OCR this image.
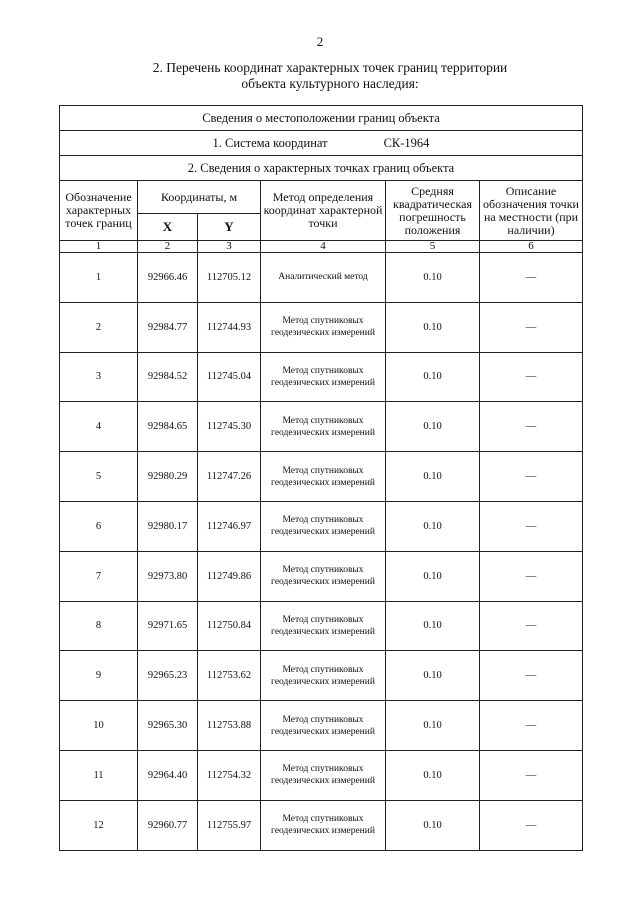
2
2. Перечень координат характерных точек границ территории
объекта культурного наследия:
Сведения о местоположении границ объекта					
1. Система координат СК-1964					
2. Сведения о характерных точках границ объекта					
Обозначение характерных точек границ	Координаты, м		Метод определения координат характерной точки	Средняя квадратическая погрешность положения	Описание обозначения точки на местности (при наличии)
	X	Y			
1	2	3	4	5	6
1	92966.46	112705.12	Аналитический метод	0.10	—
2	92984.77	112744.93	Метод спутниковых геодезических измерений	0.10	—
3	92984.52	112745.04	Метод спутниковых геодезических измерений	0.10	—
4	92984.65	112745.30	Метод спутниковых геодезических измерений	0.10	—
5	92980.29	112747.26	Метод спутниковых геодезических измерений	0.10	—
6	92980.17	112746.97	Метод спутниковых геодезических измерений	0.10	—
7	92973.80	112749.86	Метод спутниковых геодезических измерений	0.10	—
8	92971.65	112750.84	Метод спутниковых геодезических измерений	0.10	—
9	92965.23	112753.62	Метод спутниковых геодезических измерений	0.10	—
10	92965.30	112753.88	Метод спутниковых геодезических измерений	0.10	—
11	92964.40	112754.32	Метод спутниковых геодезических измерений	0.10	—
12	92960.77	112755.97	Метод спутниковых геодезических измерений	0.10	—
